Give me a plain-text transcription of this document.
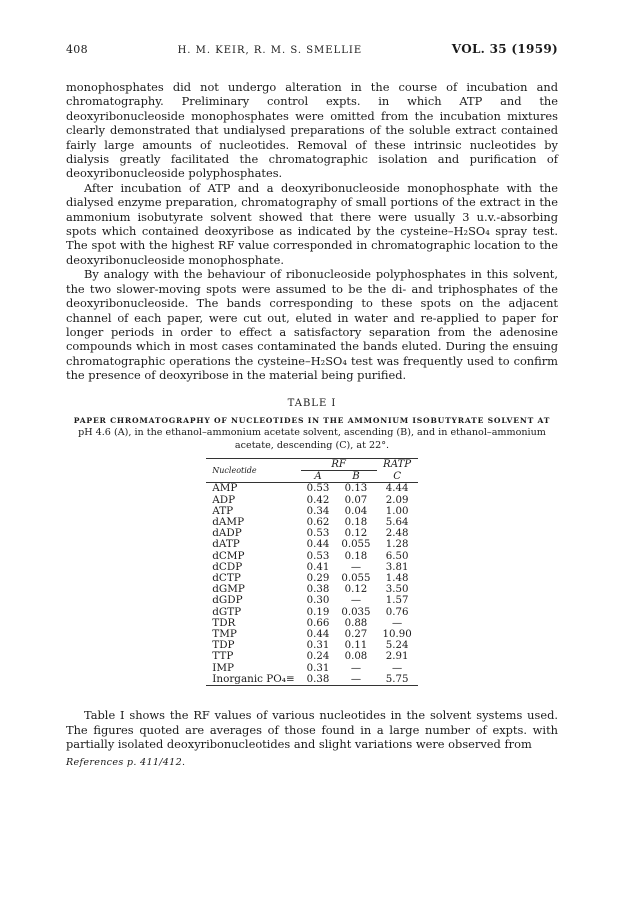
408	H. M. KEIR, R. M. S. SMELLIE	VOL. 35 (1959)

monophosphates did not undergo alteration in the course of incubation and chromatography. Preliminary control expts. in which ATP and the deoxyribonucleoside monophosphates were omitted from the incubation mixtures clearly demonstrated that undialysed preparations of the soluble extract contained fairly large amounts of nucleotides. Removal of these intrinsic nucleotides by dialysis greatly facilitated the chromatographic isolation and purification of deoxyribonucleoside polyphosphates.

After incubation of ATP and a deoxyribonucleoside monophosphate with the dialysed enzyme preparation, chromatography of small portions of the extract in the ammonium isobutyrate solvent showed that there were usually 3 u.v.-absorbing spots which contained deoxyribose as indicated by the cysteine–H₂SO₄ spray test. The spot with the highest RF value corresponded in chromatographic location to the deoxyribonucleoside monophosphate.

By analogy with the behaviour of ribonucleoside polyphosphates in this solvent, the two slower-moving spots were assumed to be the di- and triphosphates of the deoxyribonucleoside. The bands corresponding to these spots on the adjacent channel of each paper, were cut out, eluted in water and re-applied to paper for longer periods in order to effect a satisfactory separation from the adenosine compounds which in most cases contaminated the bands eluted. During the ensuing chromatographic operations the cysteine–H₂SO₄ test was frequently used to confirm the presence of deoxyribose in the material being purified.

TABLE I
PAPER CHROMATOGRAPHY OF NUCLEOTIDES IN THE AMMONIUM ISOBUTYRATE SOLVENT AT pH 4.6 (A), in the ethanol–ammonium acetate solvent, ascending (B), and in ethanol–ammonium acetate, descending (C), at 22°.
Nucleotide	RF		RATP
	A	B	C
AMP	0.53	0.13	4.44
ADP	0.42	0.07	2.09
ATP	0.34	0.04	1.00
dAMP	0.62	0.18	5.64
dADP	0.53	0.12	2.48
dATP	0.44	0.055	1.28
dCMP	0.53	0.18	6.50
dCDP	0.41	—	3.81
dCTP	0.29	0.055	1.48
dGMP	0.38	0.12	3.50
dGDP	0.30	—	1.57
dGTP	0.19	0.035	0.76
TDR	0.66	0.88	—
TMP	0.44	0.27	10.90
TDP	0.31	0.11	5.24
TTP	0.24	0.08	2.91
IMP	0.31	—	—
Inorganic PO₄≡	0.38	—	5.75

Table I shows the RF values of various nucleotides in the solvent systems used. The figures quoted are averages of those found in a large number of expts. with partially isolated deoxyribonucleotides and slight variations were observed from

References p. 411/412.
